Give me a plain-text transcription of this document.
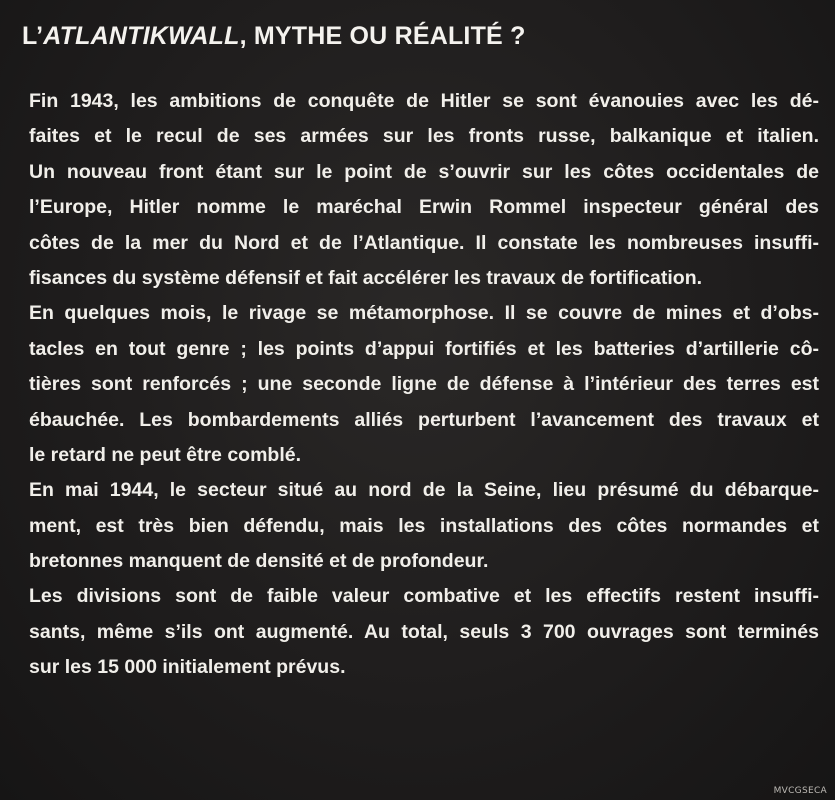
L’ATLANTIKWALL, MYTHE OU RÉALITÉ ?
Fin 1943, les ambitions de conquête de Hitler se sont évanouies avec les dé-
faites et le recul de ses armées sur les fronts russe, balkanique et italien.
Un nouveau front étant sur le point de s’ouvrir sur les côtes occidentales de
l’Europe, Hitler nomme le maréchal Erwin Rommel inspecteur général des
côtes de la mer du Nord et de l’Atlantique. Il constate les nombreuses insuffi-
fisances du système défensif et fait accélérer les travaux de fortification.
En quelques mois, le rivage se métamorphose. Il se couvre de mines et d’obs-
tacles en tout genre ; les points d’appui fortifiés et les batteries d’artillerie cô-
tières sont renforcés ; une seconde ligne de défense à l’intérieur des terres est
ébauchée. Les bombardements alliés perturbent l’avancement des travaux et
le retard ne peut être comblé.
En mai 1944, le secteur situé au nord de la Seine, lieu présumé du débarque-
ment, est très bien défendu, mais les installations des côtes normandes et
bretonnes manquent de densité et de profondeur.
Les divisions sont de faible valeur combative et les effectifs restent insuffi-
sants, même s’ils ont augmenté. Au total, seuls 3 700 ouvrages sont terminés
sur les 15 000 initialement prévus.
MVCGSECA
